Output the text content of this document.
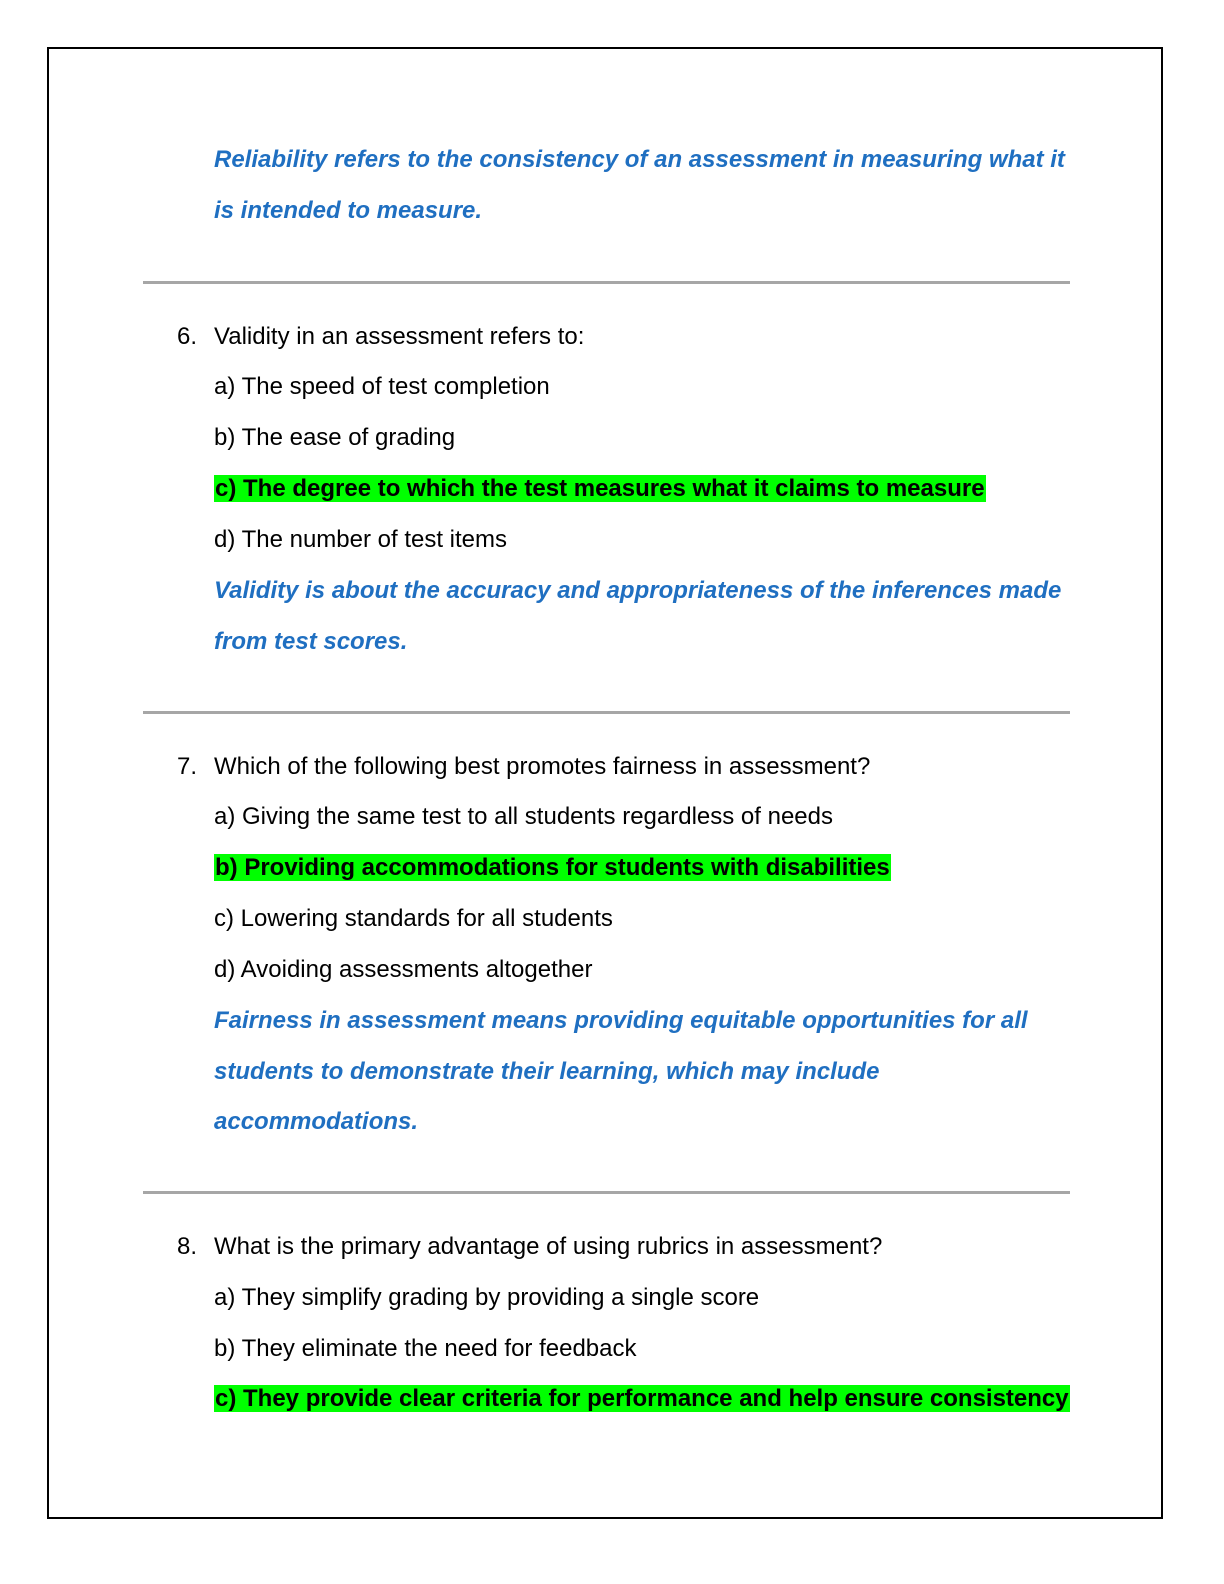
Reliability refers to the consistency of an assessment in measuring what it
is intended to measure.
6. Validity in an assessment refers to:
a) The speed of test completion
b) The ease of grading
c) The degree to which the test measures what it claims to measure
d) The number of test items
Validity is about the accuracy and appropriateness of the inferences made
from test scores.
7. Which of the following best promotes fairness in assessment?
a) Giving the same test to all students regardless of needs
b) Providing accommodations for students with disabilities
c) Lowering standards for all students
d) Avoiding assessments altogether
Fairness in assessment means providing equitable opportunities for all
students to demonstrate their learning, which may include
accommodations.
8. What is the primary advantage of using rubrics in assessment?
a) They simplify grading by providing a single score
b) They eliminate the need for feedback
c) They provide clear criteria for performance and help ensure consistency
